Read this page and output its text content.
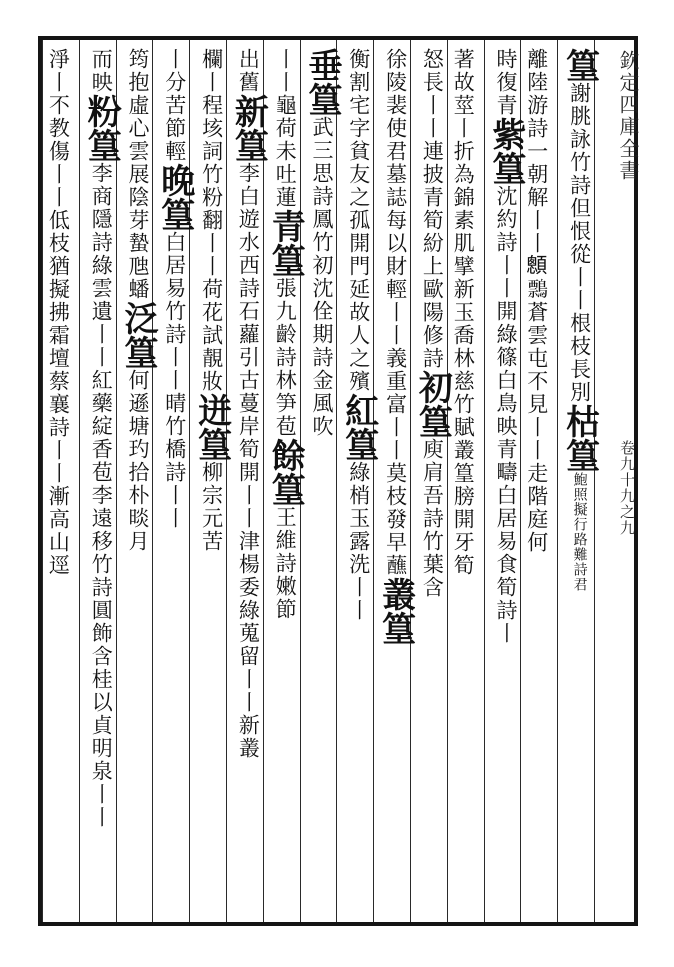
欽定四庫全書
卷九十九之九
篁謝朓詠竹詩但恨從丨丨根枝長別枯篁鮑照擬行路難詩君
離陸游詩一朝解丨丨𩕄𪅃蒼雲屯不見丨丨走階庭何
時復青紫篁沈約詩丨丨開綠篠白鳥映青疇白居易食筍詩丨
著故莖丨折為錦素肌擘新玉喬林慈竹賦叢篁膀開牙筍
怒長丨丨連披青筍紛上歐陽修詩初篁庾肩吾詩竹葉含
徐陵裴使君墓誌每以財輕丨丨義重富丨丨莫枝發早蘸叢篁
衡割宅字貧友之孤開門延故人之殯紅篁綠梢玉露洗丨丨
垂篁武三思詩鳳竹初沈佺期詩金風吹
丨丨龜荷未吐蓮青篁張九齡詩林笋苞餘篁王維詩嫩節
出舊新篁李白遊水西詩石蘿引古蔓岸筍開丨丨津楊委綠蒐留丨丨新叢
欄丨程垓詞竹粉翻丨丨荷花試靚妝迸篁柳宗元苦
丨分苦節輕晚篁白居易竹詩丨丨晴竹橋詩丨丨
筠抱虛心雲展陰芽蟄虺蟠泛篁何遜塘玓拾朴晱月
而映粉篁李商隱詩綠雲遺丨丨紅藥綻香苞李遠移竹詩圓飾含桂以貞明泉丨丨
淨丨不教傷丨丨低枝猶擬拂霜壇蔡襄詩丨丨漸高山逕
